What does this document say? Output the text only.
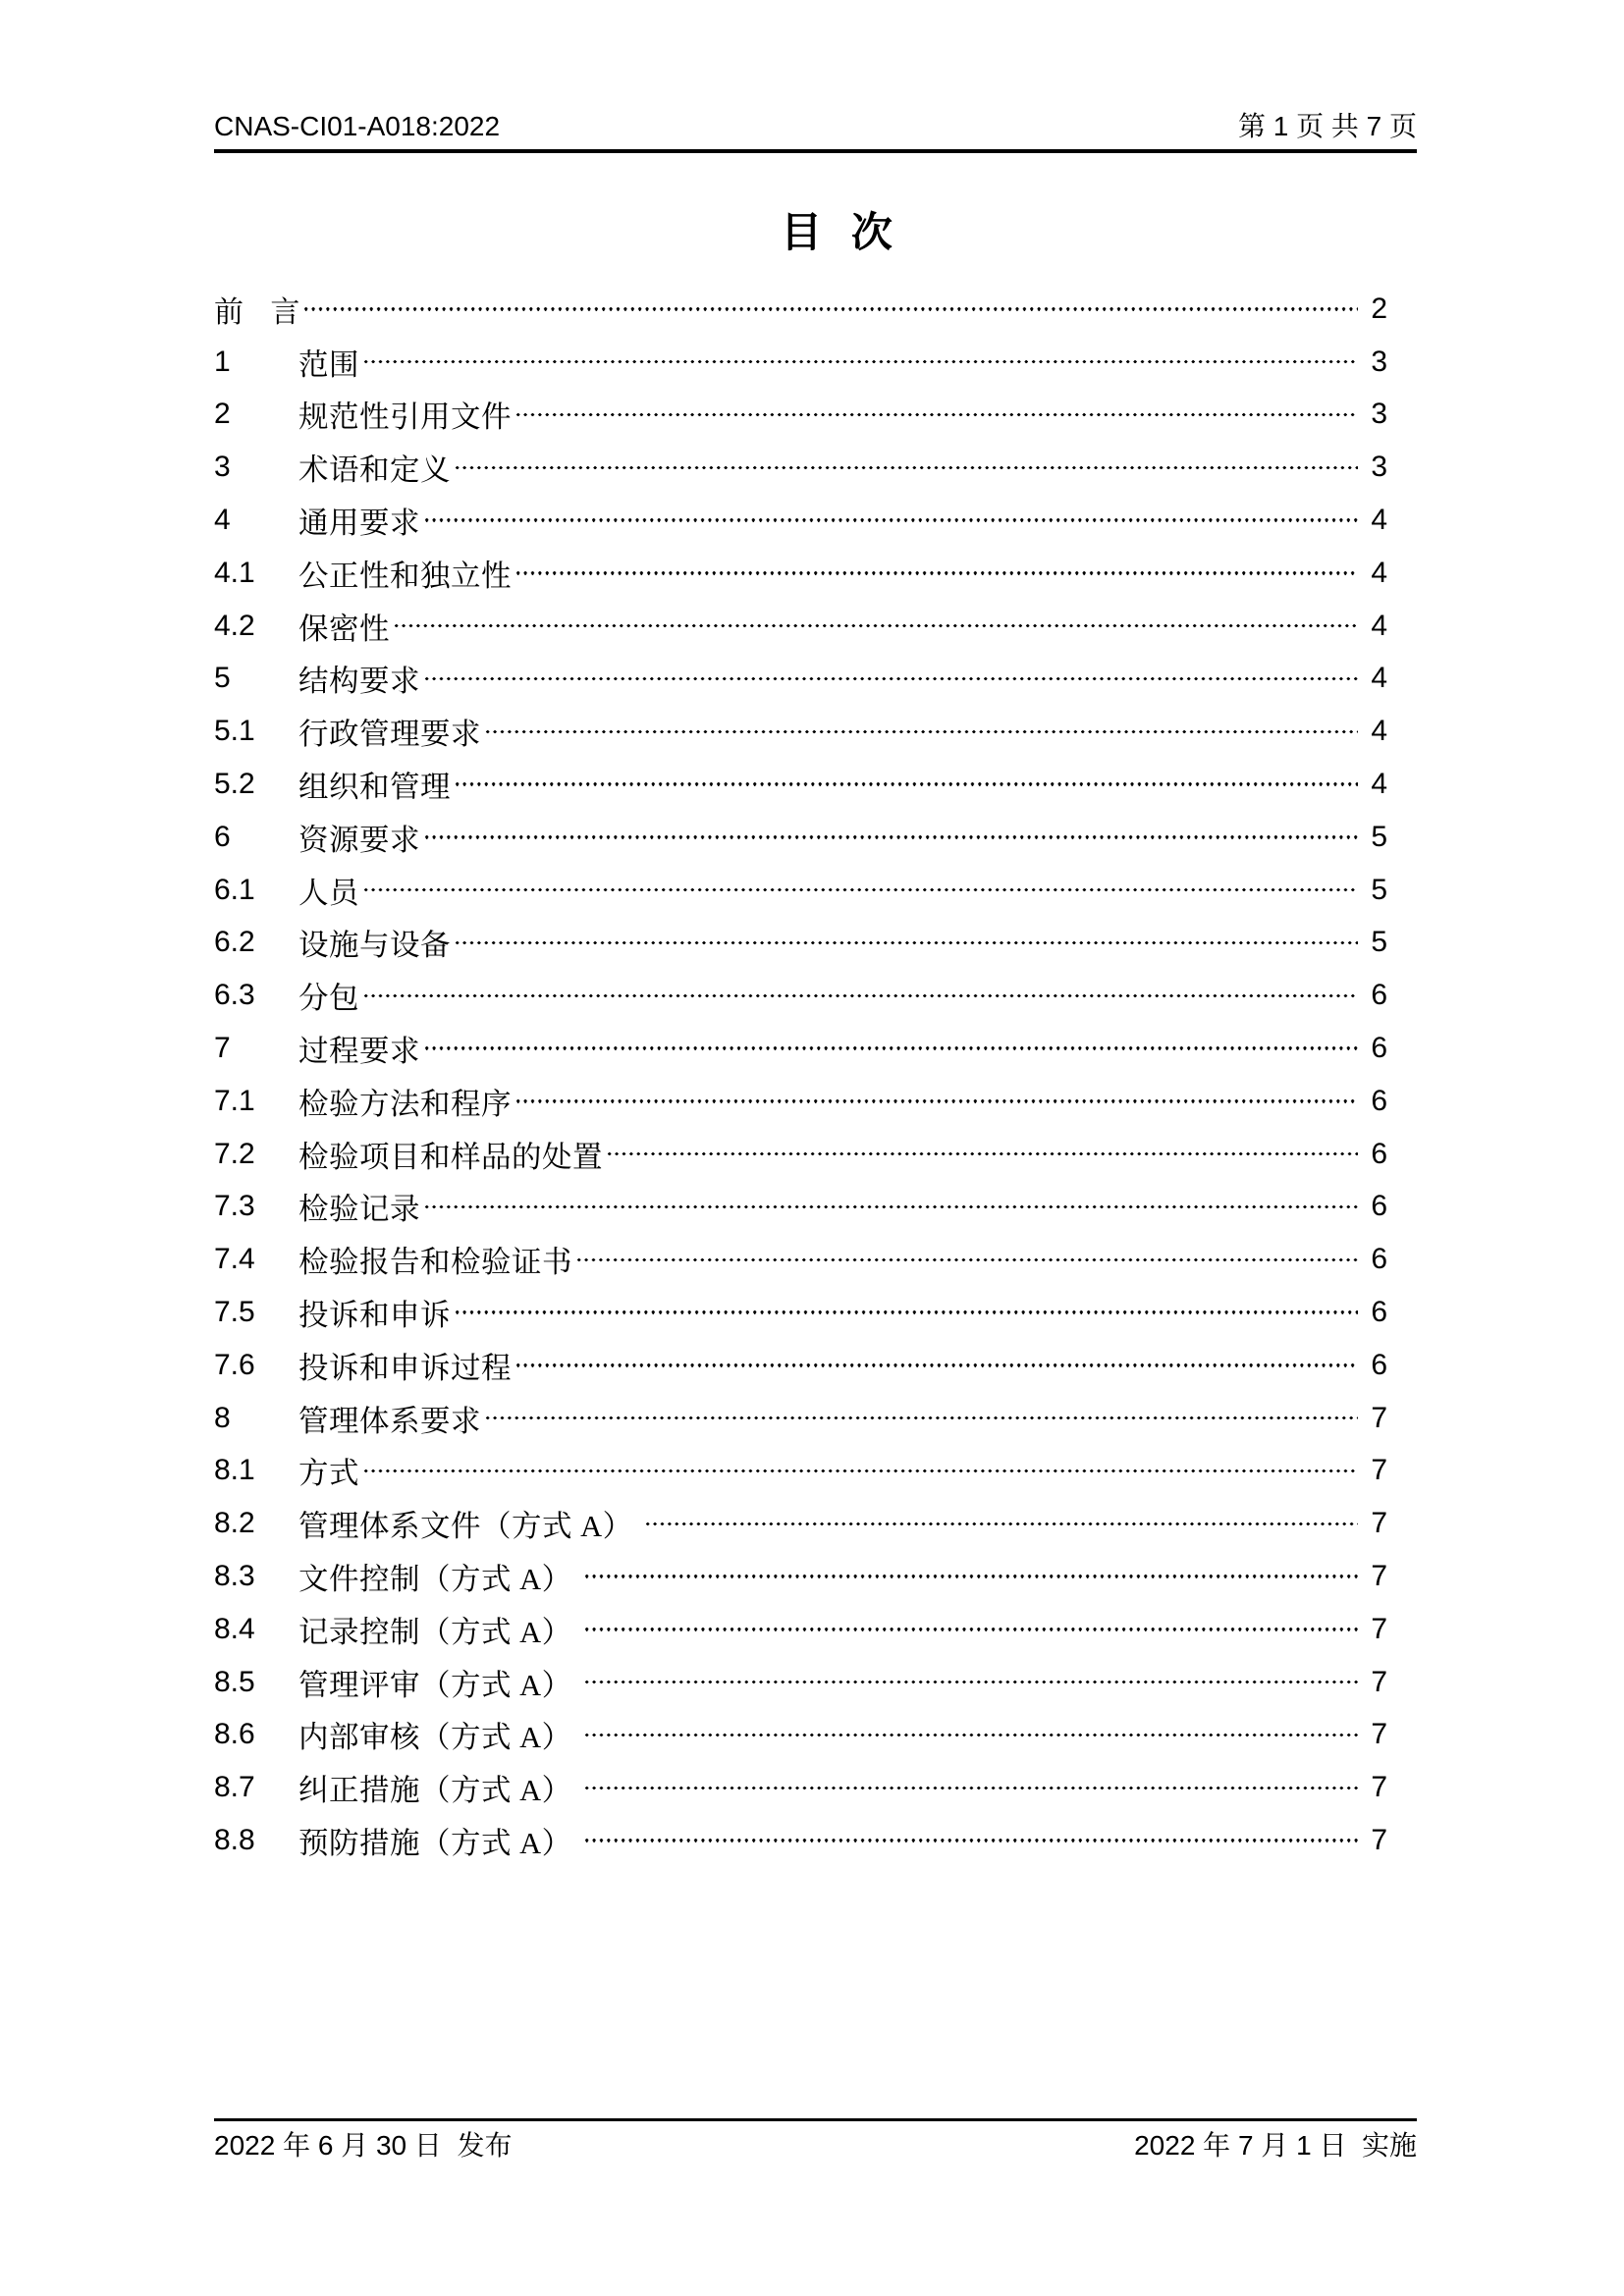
CNAS-CI01-A018:2022	第 1 页 共 7 页
目 次
前 言	2
1	范围	3
2	规范性引用文件	3
3	术语和定义	3
4	通用要求	4
4.1	公正性和独立性	4
4.2	保密性	4
5	结构要求	4
5.1	行政管理要求	4
5.2	组织和管理	4
6	资源要求	5
6.1	人员	5
6.2	设施与设备	5
6.3	分包	6
7	过程要求	6
7.1	检验方法和程序	6
7.2	检验项目和样品的处置	6
7.3	检验记录	6
7.4	检验报告和检验证书	6
7.5	投诉和申诉	6
7.6	投诉和申诉过程	6
8	管理体系要求	7
8.1	方式	7
8.2	管理体系文件（方式 A）	7
8.3	文件控制（方式 A）	7
8.4	记录控制（方式 A）	7
8.5	管理评审（方式 A）	7
8.6	内部审核（方式 A）	7
8.7	纠正措施（方式 A）	7
8.8	预防措施（方式 A）	7
2022 年 6 月 30 日  发布	2022 年 7 月 1 日  实施
